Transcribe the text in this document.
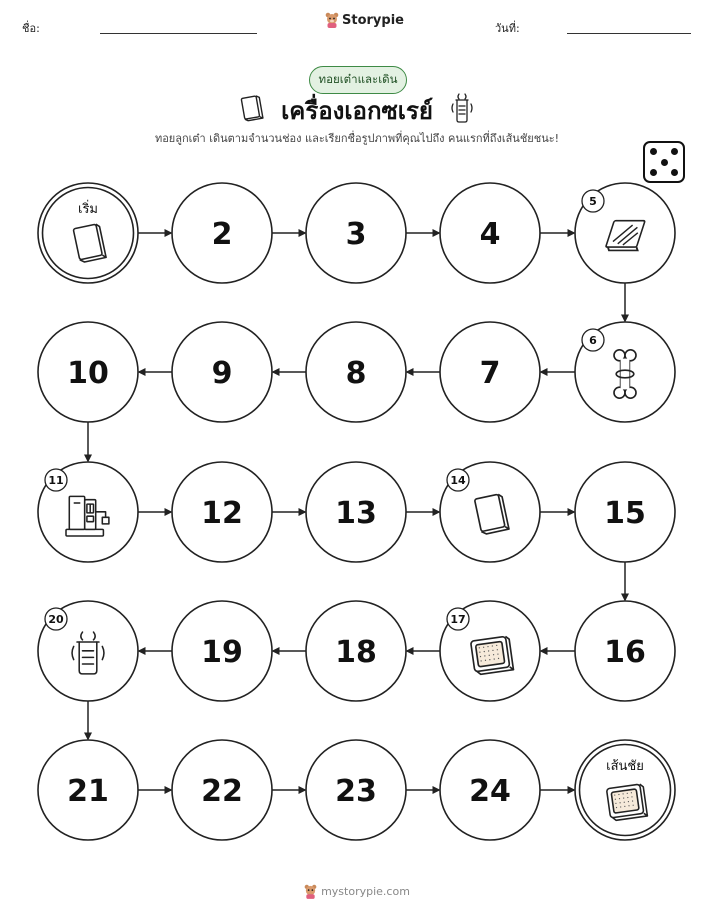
ชื่อ:
Storypie
วันที่:
ทอยเต๋าและเดิน
เครื่องเอกซเรย์
ทอยลูกเต๋า เดินตามจำนวนช่อง และเรียกชื่อรูปภาพที่คุณไปถึง คนแรกที่ถึงเส้นชัยชนะ!
เริ่ม
2	3	4
5
6
7
8
9
10
11
12	13
14
15
16
17
18
19
20
21	22	23	24
เส้นชัย
mystorypie.com
